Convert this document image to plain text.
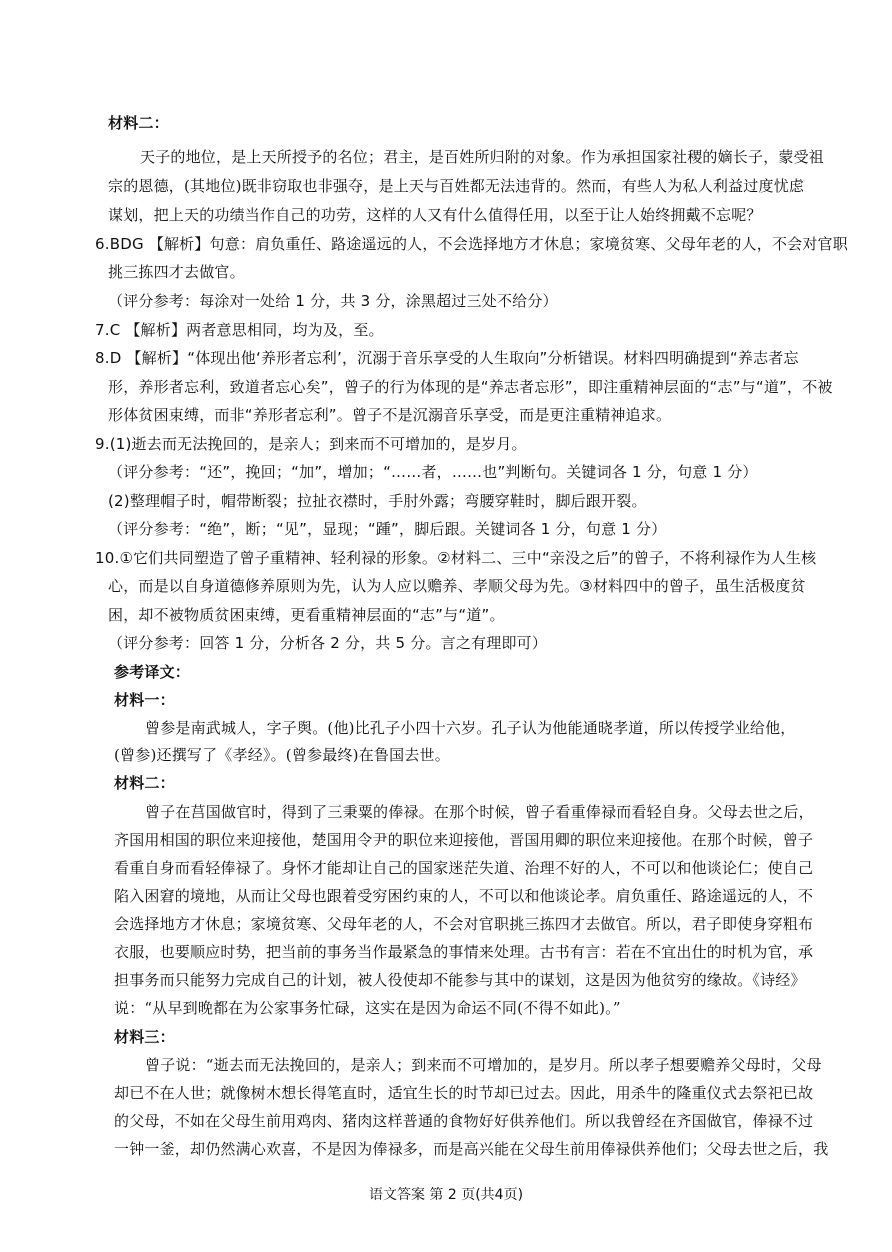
材料二：
天子的地位，是上天所授予的名位；君主，是百姓所归附的对象。作为承担国家社稷的嫡长子，蒙受祖
宗的恩德，(其地位)既非窃取也非强夺，是上天与百姓都无法违背的。然而，有些人为私人利益过度忧虑
谋划，把上天的功绩当作自己的功劳，这样的人又有什么值得任用，以至于让人始终拥戴不忘呢？
6.BDG 【解析】句意：肩负重任、路途遥远的人，不会选择地方才休息；家境贫寒、父母年老的人，不会对官职
挑三拣四才去做官。
（评分参考：每涂对一处给 1 分，共 3 分，涂黑超过三处不给分）
7.C 【解析】两者意思相同，均为及，至。
8.D 【解析】“体现出他‘养形者忘利’，沉溺于音乐享受的人生取向”分析错误。材料四明确提到“养志者忘
形，养形者忘利，致道者忘心矣”，曾子的行为体现的是“养志者忘形”，即注重精神层面的“志”与“道”，不被
形体贫困束缚，而非“养形者忘利”。曾子不是沉溺音乐享受，而是更注重精神追求。
9.(1)逝去而无法挽回的，是亲人；到来而不可增加的，是岁月。
（评分参考：“还”，挽回；“加”，增加；“……者，……也”判断句。关键词各 1 分，句意 1 分）
(2)整理帽子时，帽带断裂；拉扯衣襟时，手肘外露；弯腰穿鞋时，脚后跟开裂。
（评分参考：“绝”，断；“见”，显现；“踵”，脚后跟。关键词各 1 分，句意 1 分）
10.①它们共同塑造了曾子重精神、轻利禄的形象。②材料二、三中“亲没之后”的曾子，不将利禄作为人生核
心，而是以自身道德修养原则为先，认为人应以赡养、孝顺父母为先。③材料四中的曾子，虽生活极度贫
困，却不被物质贫困束缚，更看重精神层面的“志”与“道”。
（评分参考：回答 1 分，分析各 2 分，共 5 分。言之有理即可）
参考译文：
材料一：
曾参是南武城人，字子舆。(他)比孔子小四十六岁。孔子认为他能通晓孝道，所以传授学业给他，
(曾参)还撰写了《孝经》。(曾参最终)在鲁国去世。
材料二：
曾子在莒国做官时，得到了三秉粟的俸禄。在那个时候，曾子看重俸禄而看轻自身。父母去世之后，
齐国用相国的职位来迎接他，楚国用令尹的职位来迎接他，晋国用卿的职位来迎接他。在那个时候，曾子
看重自身而看轻俸禄了。身怀才能却让自己的国家迷茫失道、治理不好的人，不可以和他谈论仁；使自己
陷入困窘的境地，从而让父母也跟着受穷困约束的人，不可以和他谈论孝。肩负重任、路途遥远的人，不
会选择地方才休息；家境贫寒、父母年老的人，不会对官职挑三拣四才去做官。所以，君子即使身穿粗布
衣服，也要顺应时势，把当前的事务当作最紧急的事情来处理。古书有言：若在不宜出仕的时机为官，承
担事务而只能努力完成自己的计划，被人役使却不能参与其中的谋划，这是因为他贫穷的缘故。《诗经》
说：“从早到晚都在为公家事务忙碌，这实在是因为命运不同(不得不如此)。”
材料三：
曾子说：“逝去而无法挽回的，是亲人；到来而不可增加的，是岁月。所以孝子想要赡养父母时，父母
却已不在人世；就像树木想长得笔直时，适宜生长的时节却已过去。因此，用杀牛的隆重仪式去祭祀已故
的父母，不如在父母生前用鸡肉、猪肉这样普通的食物好好供养他们。所以我曾经在齐国做官，俸禄不过
一钟一釜，却仍然满心欢喜，不是因为俸禄多，而是高兴能在父母生前用俸禄供养他们；父母去世之后，我
语文答案 第 2 页(共4页)
